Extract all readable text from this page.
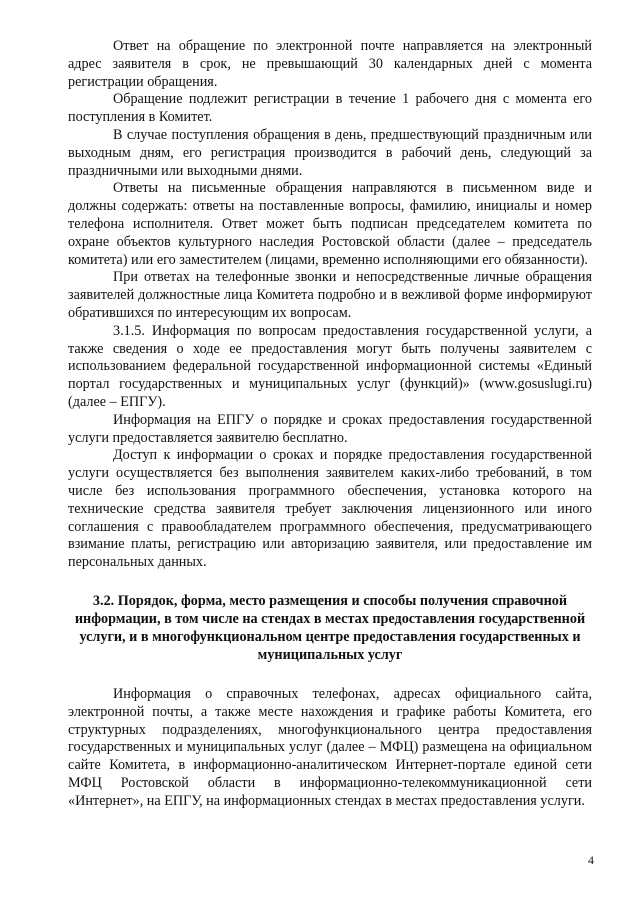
Ответ на обращение по электронной почте направляется на электронный адрес заявителя в срок, не превышающий 30 календарных дней с момента регистрации обращения.

Обращение подлежит регистрации в течение 1 рабочего дня с момента его поступления в Комитет.

В случае поступления обращения в день, предшествующий праздничным или выходным дням, его регистрация производится в рабочий день, следующий за праздничными или выходными днями.

Ответы на письменные обращения направляются в письменном виде и должны содержать: ответы на поставленные вопросы, фамилию, инициалы и номер телефона исполнителя. Ответ может быть подписан председателем комитета по охране объектов культурного наследия Ростовской области (далее – председатель комитета) или его заместителем (лицами, временно исполняющими его обязанности).

При ответах на телефонные звонки и непосредственные личные обращения заявителей должностные лица Комитета подробно и в вежливой форме информируют обратившихся по интересующим их вопросам.

3.1.5. Информация по вопросам предоставления государственной услуги, а также сведения о ходе ее предоставления могут быть получены заявителем с использованием федеральной государственной информационной системы «Единый портал государственных и муниципальных услуг (функций)» (www.gosuslugi.ru) (далее – ЕПГУ).

Информация на ЕПГУ о порядке и сроках предоставления государственной услуги предоставляется заявителю бесплатно.

Доступ к информации о сроках и порядке предоставления государственной услуги осуществляется без выполнения заявителем каких-либо требований, в том числе без использования программного обеспечения, установка которого на технические средства заявителя требует заключения лицензионного или иного соглашения с правообладателем программного обеспечения, предусматривающего взимание платы, регистрацию или авторизацию заявителя, или предоставление им персональных данных.

3.2. Порядок, форма, место размещения и способы получения справочной информации, в том числе на стендах в местах предоставления государственной услуги, и в многофункциональном центре предоставления государственных и муниципальных услуг

Информация о справочных телефонах, адресах официального сайта, электронной почты, а также месте нахождения и графике работы Комитета, его структурных подразделениях, многофункционального центра предоставления государственных и муниципальных услуг (далее – МФЦ) размещена на официальном сайте Комитета, в информационно-аналитическом Интернет-портале единой сети МФЦ Ростовской области в информационно-телекоммуникационной сети «Интернет», на ЕПГУ, на информационных стендах в местах предоставления услуги.

4
